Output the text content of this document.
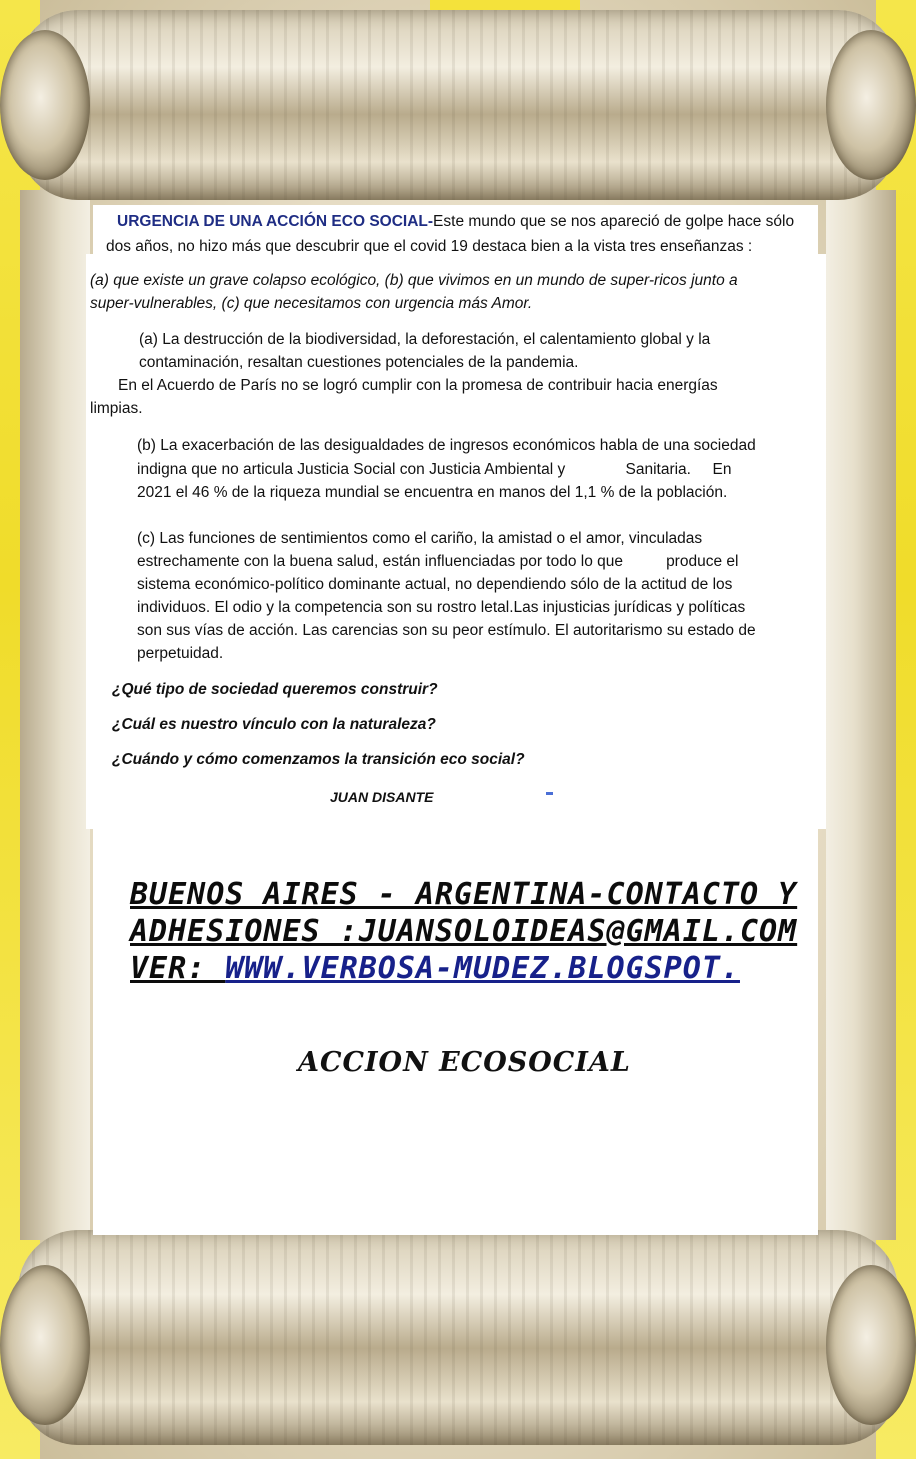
URGENCIA DE UNA ACCIÓN ECO SOCIAL-Este mundo que se nos apareció de golpe hace sólo

dos años, no hizo más que descubrir que el covid 19 destaca bien a la vista tres enseñanzas :

(a) que existe un grave colapso ecológico, (b) que vivimos en un mundo de super-ricos junto a

super-vulnerables, (c) que necesitamos con urgencia más Amor.

(a) La destrucción de la biodiversidad, la deforestación, el calentamiento global y la

contaminación, resaltan cuestiones potenciales de la pandemia.

En el Acuerdo de París no se logró cumplir con la promesa de contribuir hacia energías

limpias.

(b) La exacerbación de las desigualdades de ingresos económicos habla de una sociedad

indigna que no articula Justicia Social con Justicia Ambiental y              Sanitaria.     En

2021 el 46 % de la riqueza mundial se encuentra en manos del 1,1 % de la población.

(c) Las funciones de sentimientos como el cariño, la amistad o el amor, vinculadas

estrechamente con la buena salud, están influenciadas por todo lo que          produce el

sistema económico-político dominante actual, no dependiendo sólo de la actitud de los

individuos. El odio y la competencia son su rostro letal.Las injusticias jurídicas y políticas

son sus vías de acción. Las carencias son su peor estímulo. El autoritarismo su estado de

perpetuidad.

¿Qué tipo de sociedad queremos construir?

¿Cuál es nuestro vínculo con la naturaleza?

¿Cuándo y cómo comenzamos la transición eco social?

JUAN DISANTE

BUENOS AIRES - ARGENTINA-CONTACTO Y
ADHESIONES :JUANSOLOIDEAS@GMAIL.COM
VER: WWW.VERBOSA-MUDEZ.BLOGSPOT.
ACCION ECOSOCIAL
